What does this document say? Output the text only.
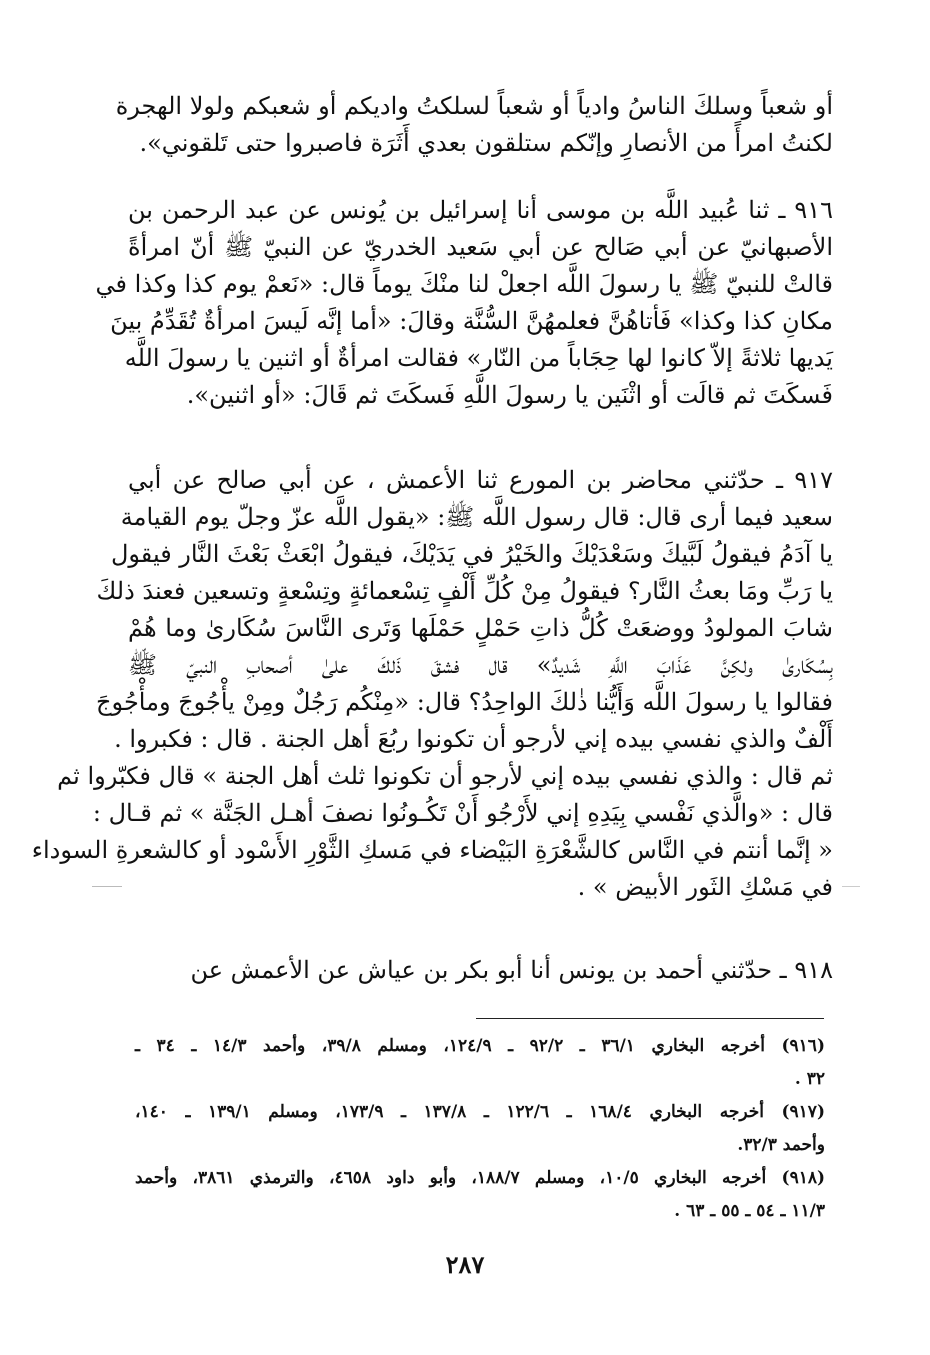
أو شعباً وسلكَ الناسُ وادياً أو شعباً لسلكتُ واديكم أو شعبكم ولولا الهجرة
لكنتُ امرأً من الأنصارِ وإنّكم ستلقون بعدي أَثَرَة فاصبروا حتى تَلقوني».
٩١٦ ـ ثنا عُبيد اللَّه بن موسى أنا إسرائيل بن يُونس عن عبد الرحمن بن
الأصبهانيّ عن أبي صَالح عن أبي سَعيد الخدريّ عن النبيّ ﷺ أنّ امرأةً
قالتْ للنبيّ ﷺ يا رسولَ اللَّه اجعلْ لنا منْكَ يوماً قال: «نَعمْ يوم كذا وكذا في
مكانِ كذا وكذا» فَأتاهُنَّ فعلمهُنَّ السُّنَّة وقالَ: «أما إنَّه لَيسَ امرأةٌ تُقَدِّمُ بينَ
يَديها ثلاثةً إلاّ كانوا لها حِجَاباً من النّار» فقالت امرأةٌ أو اثنين يا رسولَ اللَّه
فَسكَتَ ثم قالَت أو اثْنَين يا رسولَ اللَّهِ فَسكَتَ ثم قَالَ: «أو اثنين».
٩١٧ ـ حدّثني محاضر بن المورع ثنا الأعمش ، عن أبي صالح عن أبي
سعيد فيما أرى قال: قال رسول اللَّه ﷺ: «يقول اللَّه عزّ وجلّ يوم القيامة
يا آدَمُ فيقولُ لَبَّيكَ وسَعْدَيْكَ والخَيْرُ في يَدَيْكَ، فيقولُ ابْعَثْ بَعْثَ النَّار فيقول
يا رَبِّ ومَا بعثُ النَّار؟ فيقولُ مِنْ كُلِّ أَلْفٍ تِسْعمائةٍ وتِسْعةٍ وتسعين فعندَ ذلكَ
شابَ المولودُ ووضعَتْ كُلُّ ذاتِ حَمْلٍ حَمْلَها وَتَرى النَّاسَ سُكَارىٰ وما هُمْ
بِسُكَارىٰ ولكِنَّ عَذَابَ اللَّهِ شَديدٌ» قال فشقَ ذَلكَ علىٰ أصحابِ النبيّ ﷺ
فقالوا يا رسولَ اللَّه وَأَيُّنا ذٰلكَ الواحِدُ؟ قال: «مِنْكُم رَجُلٌ ومِنْ يأْجُوجَ ومأْجُوجَ
أَلْفٌ والذي نفسي بيده إني لأرجو أن تكونوا ربُعَ أهل الجنة . قال : فكبروا .
ثم قال : والذي نفسي بيده إني لأرجو أن تكونوا ثلث أهل الجنة » قال فكبّروا ثم
قال : «والَّذي نَفْسي بِيَدِهِ إني لأَرْجُو أَنْ تَكُـونُوا نصفَ أهـل الجَنَّة » ثم قـال :
« إنَّما أنتم في النَّاس كالشَّعْرَةِ البَيْضاء في مَسكِ الثَّوْرِ الأَسْود أو كالشعرةِ السوداء
في مَسْكِ الثَور الأبيض » .
٩١٨ ـ حدّثني أحمد بن يونس أنا أبو بكر بن عياش عن الأعمش عن
(٩١٦) أخرجه البخاري ٣٦/١ ـ ٩٢/٢ ـ ١٢٤/٩، ومسلم ٣٩/٨، وأحمد ١٤/٣ ـ ٣٤ ـ
٣٢ .
(٩١٧) أخرجه البخاري ١٦٨/٤ ـ ١٢٢/٦ ـ ١٣٧/٨ ـ ١٧٣/٩، ومسلم ١٣٩/١ ـ ١٤٠،
وأحمد ٣٢/٣.
(٩١٨) أخرجه البخاري ١٠/٥، ومسلم ١٨٨/٧، وأبو داود ٤٦٥٨، والترمذي ٣٨٦١، وأحمد
١١/٣ ـ ٥٤ ـ ٥٥ ـ ٦٣ .
٢٨٧
